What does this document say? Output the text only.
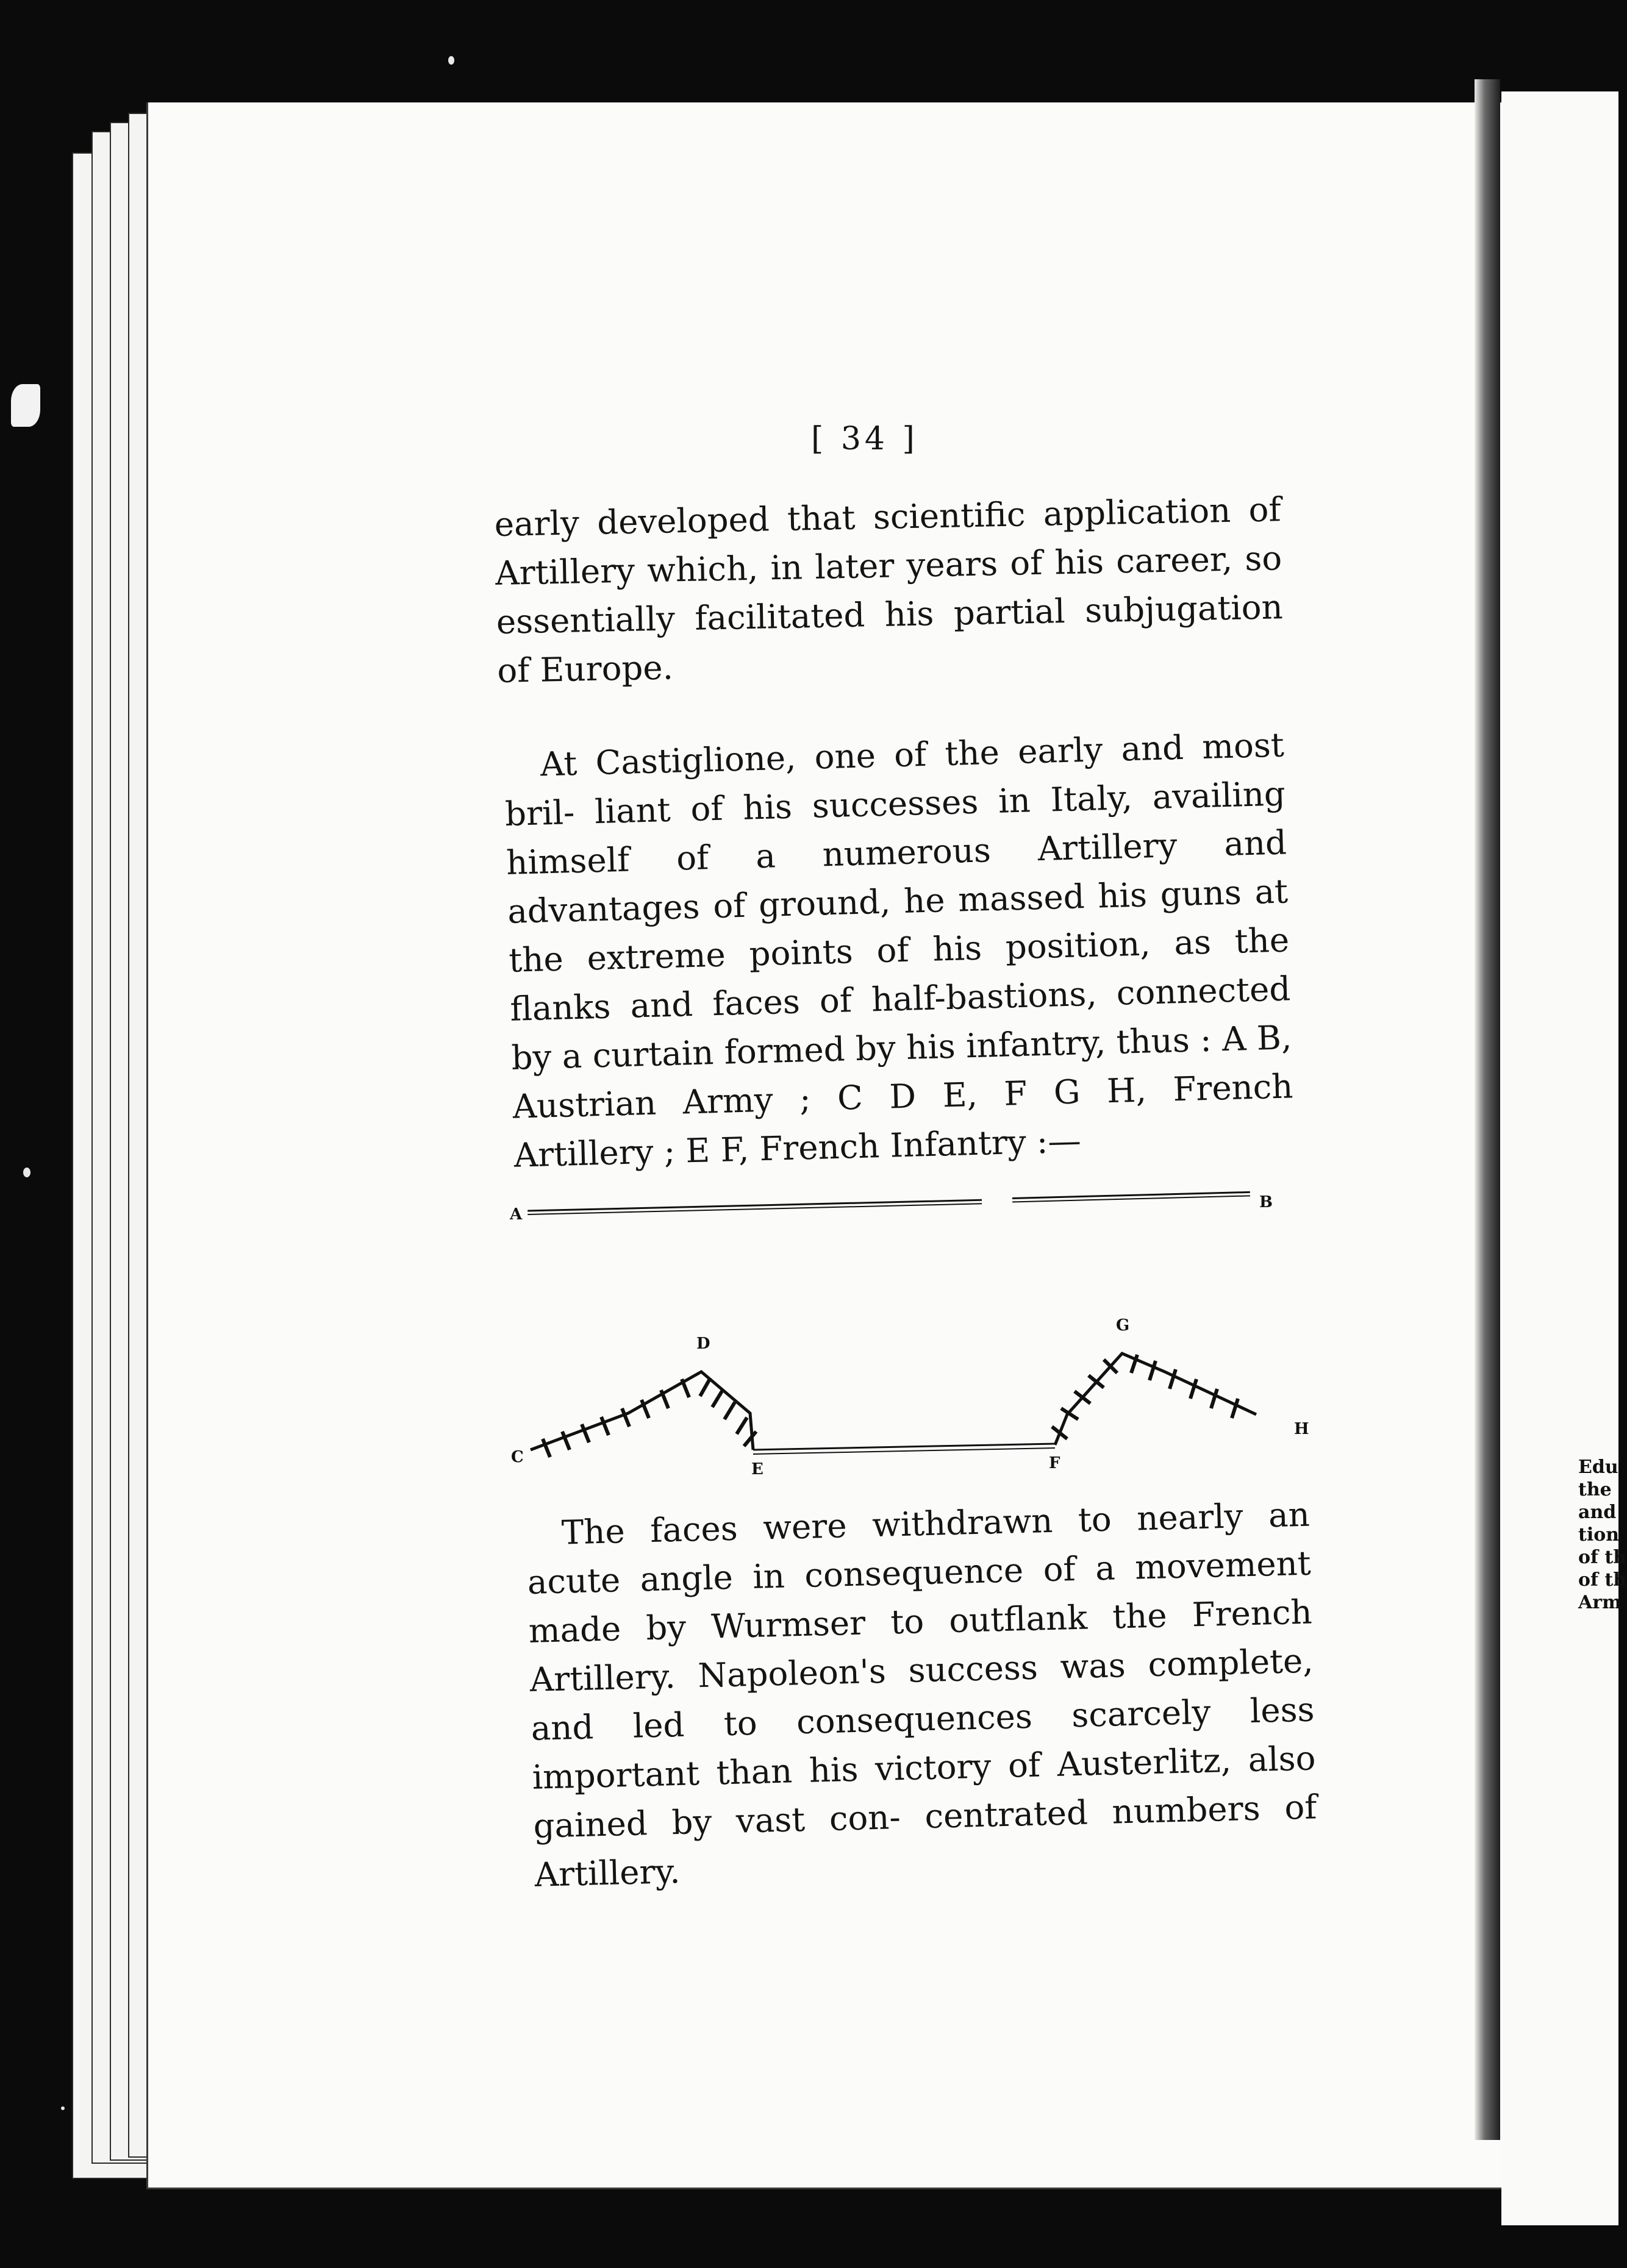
Edu
the
and
tion
of th
of th
Arm
[ 34 ]
early developed that scientific application of Artillery which, in later years of his career, so essentially facilitated his partial subjugation of Europe.
At Castiglione, one of the early and most bril- liant of his successes in Italy, availing himself of a numerous Artillery and advantages of ground, he massed his guns at the extreme points of his position, as the flanks and faces of half-bastions, connected by a curtain formed by his infantry, thus : A B, Austrian Army ; C D E, F G H, French Artillery ; E F, French Infantry :—
A
B
C
D
E	F
G
H
The faces were withdrawn to nearly an acute angle in consequence of a movement made by Wurmser to outflank the French Artillery. Napoleon's success was complete, and led to consequences scarcely less important than his victory of Austerlitz, also gained by vast con- centrated numbers of Artillery.
